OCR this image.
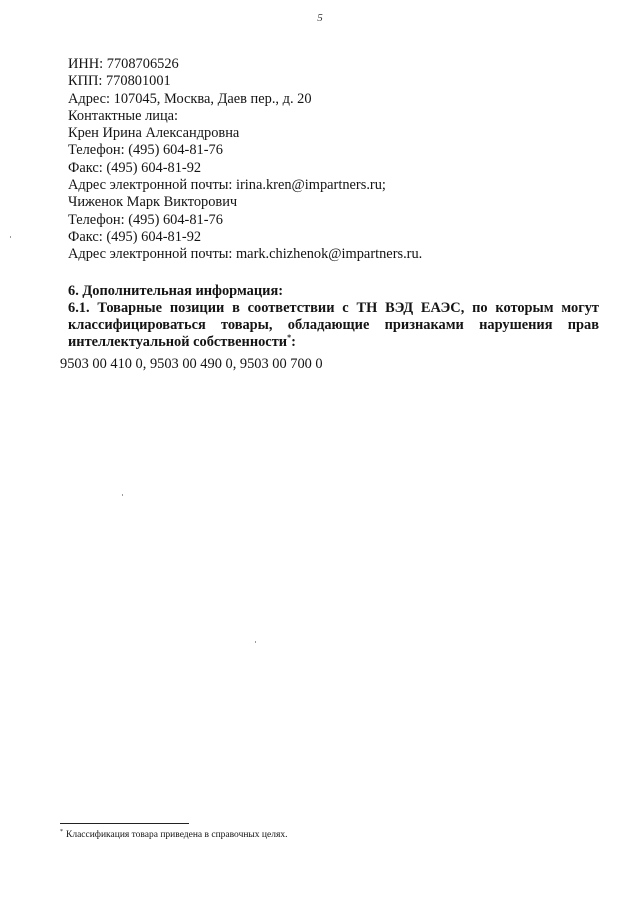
5
ИНН: 7708706526
КПП: 770801001
Адрес: 107045, Москва, Даев пер., д. 20
Контактные лица:
Крен Ирина Александровна
Телефон: (495) 604-81-76
Факс: (495) 604-81-92
Адрес электронной почты: irina.kren@impartners.ru;
Чиженок Марк Викторович
Телефон: (495) 604-81-76
Факс: (495) 604-81-92
Адрес электронной почты: mark.chizhenok@impartners.ru.
6. Дополнительная информация:
6.1. Товарные позиции в соответствии с ТН ВЭД ЕАЭС, по которым могут классифицироваться товары, обладающие признаками нарушения прав интеллектуальной собственности*:
9503 00 410 0, 9503 00 490 0, 9503 00 700 0
* Классификация товара приведена в справочных целях.
